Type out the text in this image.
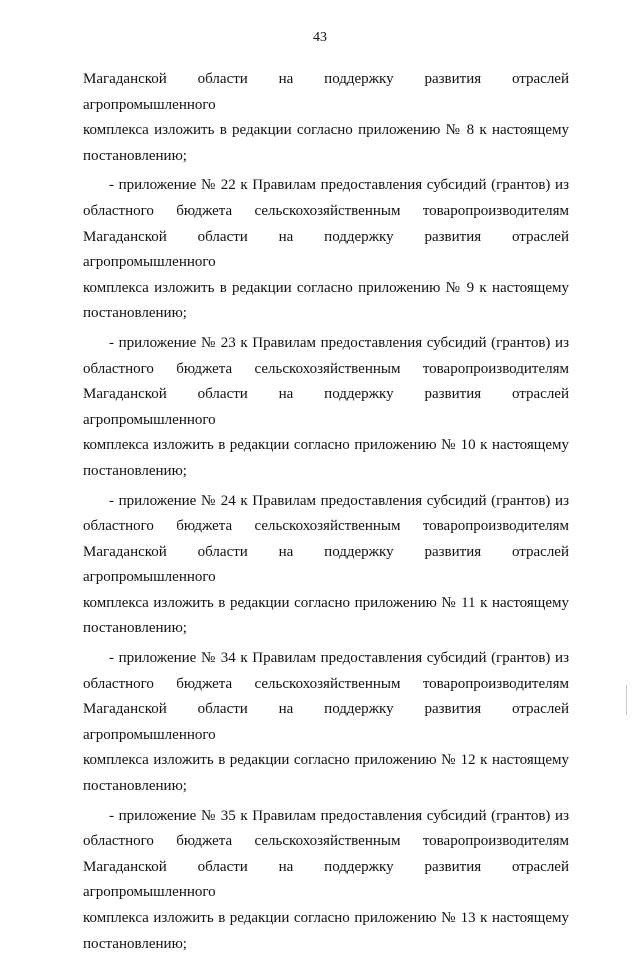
43

Магаданской области на поддержку развития отраслей агропромышленного
комплекса изложить в редакции согласно приложению № 8 к настоящему
постановлению;

- приложение № 22 к Правилам предоставления субсидий (грантов) из
областного бюджета сельскохозяйственным товаропроизводителям
Магаданской области на поддержку развития отраслей агропромышленного
комплекса изложить в редакции согласно приложению № 9 к настоящему
постановлению;

- приложение № 23 к Правилам предоставления субсидий (грантов) из
областного бюджета сельскохозяйственным товаропроизводителям
Магаданской области на поддержку развития отраслей агропромышленного
комплекса изложить в редакции согласно приложению № 10 к настоящему
постановлению;

- приложение № 24 к Правилам предоставления субсидий (грантов) из
областного бюджета сельскохозяйственным товаропроизводителям
Магаданской области на поддержку развития отраслей агропромышленного
комплекса изложить в редакции согласно приложению № 11 к настоящему
постановлению;

- приложение № 34 к Правилам предоставления субсидий (грантов) из
областного бюджета сельскохозяйственным товаропроизводителям
Магаданской области на поддержку развития отраслей агропромышленного
комплекса изложить в редакции согласно приложению № 12 к настоящему
постановлению;

- приложение № 35 к Правилам предоставления субсидий (грантов) из
областного бюджета сельскохозяйственным товаропроизводителям
Магаданской области на поддержку развития отраслей агропромышленного
комплекса изложить в редакции согласно приложению № 13 к настоящему
постановлению;
